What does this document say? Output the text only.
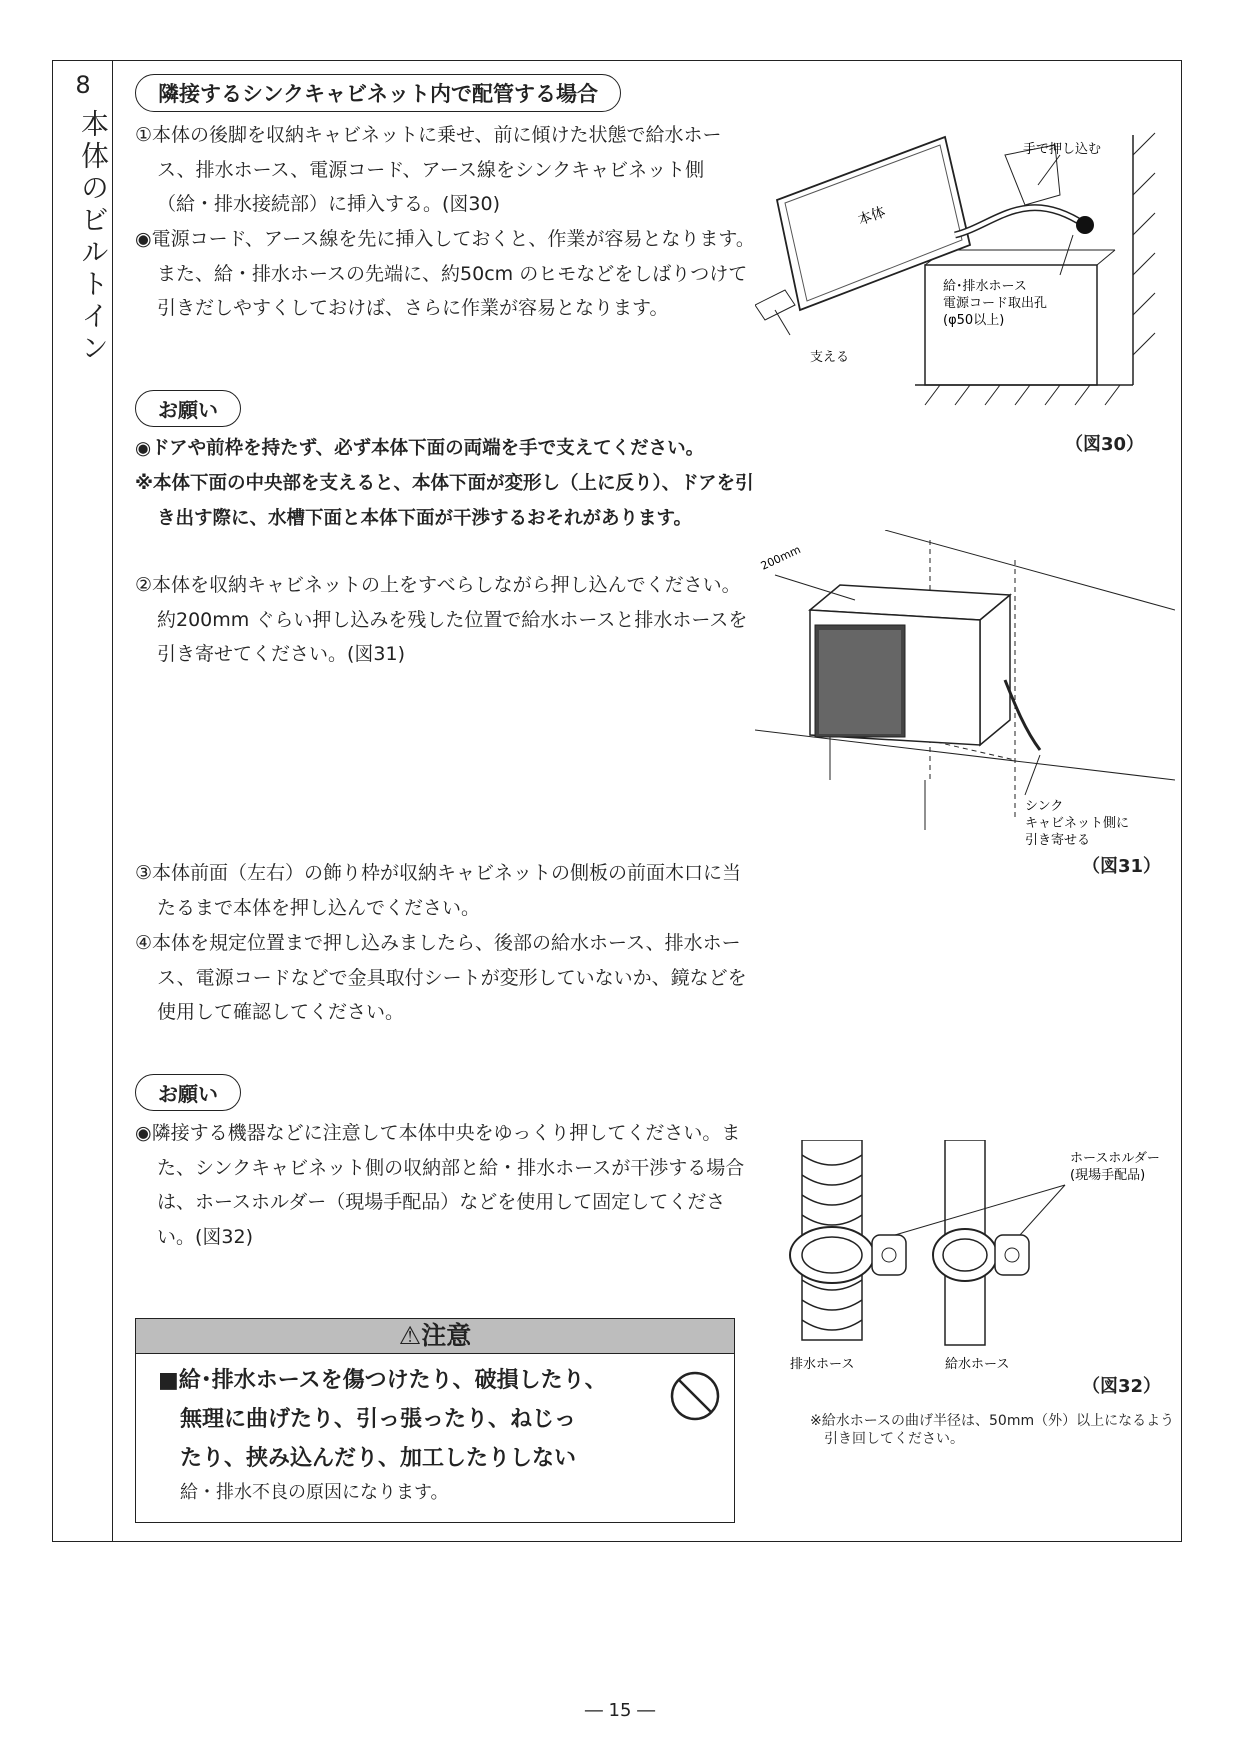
8
本体のビルトイン
隣接するシンクキャビネット内で配管する場合
①本体の後脚を収納キャビネットに乗せ、前に傾けた状態で給水ホース、排水ホース、電源コード、アース線をシンクキャビネット側（給・排水接続部）に挿入する。(図30)
◉電源コード、アース線を先に挿入しておくと、作業が容易となります。また、給・排水ホースの先端に、約50cm のヒモなどをしばりつけて引きだしやすくしておけば、さらに作業が容易となります。
お願い
◉ドアや前枠を持たず、必ず本体下面の両端を手で支えてください。
※本体下面の中央部を支えると、本体下面が変形し（上に反り）、ドアを引き出す際に、水槽下面と本体下面が干渉するおそれがあります。
②本体を収納キャビネットの上をすべらしながら押し込んでください。約200mm ぐらい押し込みを残した位置で給水ホースと排水ホースを引き寄せてください。(図31)
③本体前面（左右）の飾り枠が収納キャビネットの側板の前面木口に当たるまで本体を押し込んでください。
④本体を規定位置まで押し込みましたら、後部の給水ホース、排水ホース、電源コードなどで金具取付シートが変形していないか、鏡などを使用して確認してください。
お願い
◉隣接する機器などに注意して本体中央をゆっくり押してください。また、シンクキャビネット側の収納部と給・排水ホースが干渉する場合は、ホースホルダー（現場手配品）などを使用して固定してください。(図32)
⚠注意
■給･排水ホースを傷つけたり、破損したり、
無理に曲げたり、引っ張ったり、ねじっ
たり、挟み込んだり、加工したりしない
給・排水不良の原因になります。
本体
手で押し込む
給･排水ホース
電源コード取出孔
(φ50以上)
支える
（図30）
200mm
シンク
キャビネット側に
引き寄せる
（図31）
ホースホルダー
(現場手配品)
排水ホース	給水ホース
（図32）
※給水ホースの曲げ半径は、50mm（外）以上になるよう引き回してください。
― 15 ―
